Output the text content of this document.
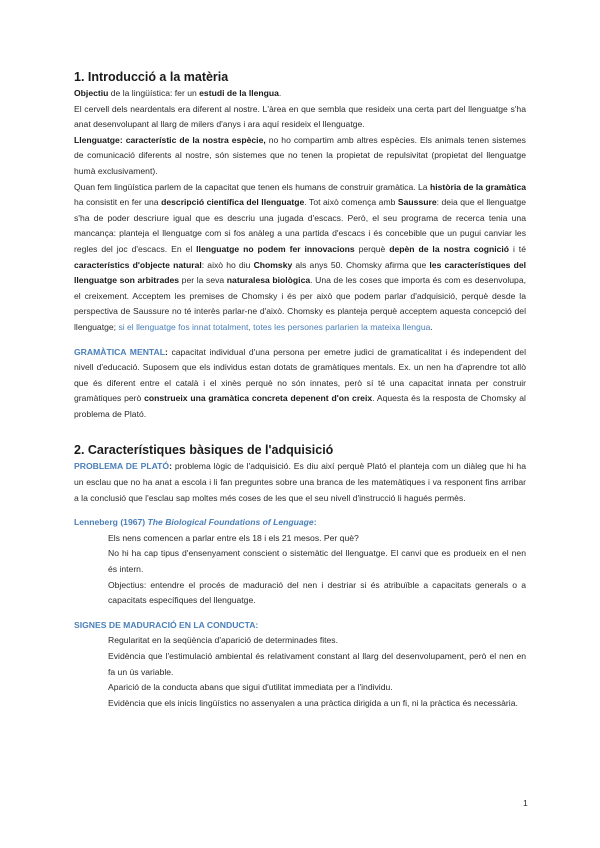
1. Introducció a la matèria

Objectiu de la lingüística: fer un estudi de la llengua.

El cervell dels neardentals era diferent al nostre. L'àrea en que sembla que resideix una certa part del llenguatge s'ha anat desenvolupant al llarg de milers d'anys i ara aquí resideix el llenguatge.

Llenguatge: característic de la nostra espècie, no ho compartim amb altres espècies. Els animals tenen sistemes de comunicació diferents al nostre, són sistemes que no tenen la propietat de repulsivitat (propietat del llenguatge humà exclusivament).

Quan fem lingüística parlem de la capacitat que tenen els humans de construir gramàtica. La història de la gramàtica ha consistit en fer una descripció científica del llenguatge. Tot això comença amb Saussure: deia que el llenguatge s'ha de poder descriure igual que es descriu una jugada d'escacs. Però, el seu programa de recerca tenia una mancança: planteja el llenguatge com si fos anàleg a una partida d'escacs i és concebible que un pugui canviar les regles del joc d'escacs. En el llenguatge no podem fer innovacions perquè depèn de la nostra cognició i té característics d'objecte natural: això ho diu Chomsky als anys 50. Chomsky afirma que les característiques del llenguatge son arbitrades per la seva naturalesa biològica. Una de les coses que importa és com es desenvolupa, el creixement. Acceptem les premises de Chomsky i és per això que podem parlar d'adquisició, perquè desde la perspectiva de Saussure no té interès parlar-ne d'això. Chomsky es planteja perquè acceptem aquesta concepció del llenguatge; si el llenguatge fos innat totalment, totes les persones parlarien la mateixa llengua.

GRAMÀTICA MENTAL: capacitat individual d'una persona per emetre judici de gramaticalitat i és independent del nivell d'educació. Suposem que els individus estan dotats de gramàtiques mentals. Ex. un nen ha d'aprendre tot allò que és diferent entre el català i el xinès perquè no són innates, però sí té una capacitat innata per construir gramàtiques però construeix una gramàtica concreta depenent d'on creix. Aquesta és la resposta de Chomsky al problema de Plató.

2. Característiques bàsiques de l'adquisició

PROBLEMA DE PLATÓ: problema lògic de l'adquisició. Es diu així perquè Plató el planteja com un diàleg que hi ha un esclau que no ha anat a escola i li fan preguntes sobre una branca de les matemàtiques i va responent fins arribar a la conclusió que l'esclau sap moltes més coses de les que el seu nivell d'instrucció li hagués permès.

Lenneberg (1967) The Biological Foundations of Lenguage:

Els nens comencen a parlar entre els 18 i els 21 mesos. Per què?
No hi ha cap tipus d'ensenyament conscient o sistemàtic del llenguatge. El canvi que es produeix en el nen és intern.
Objectius: entendre el procés de maduració del nen i destriar si és atribuïble a capacitats generals o a capacitats específiques del llenguatge.

SIGNES DE MADURACIÓ EN LA CONDUCTA:

Regularitat en la seqüència d'aparició de determinades fites.
Evidència que l'estimulació ambiental és relativament constant al llarg del desenvolupament, però el nen en fa un ús variable.
Aparició de la conducta abans que sigui d'utilitat immediata per a l'individu.
Evidència que els inicis lingüístics no assenyalen a una pràctica dirigida a un fi, ni la pràctica és necessària.
1
